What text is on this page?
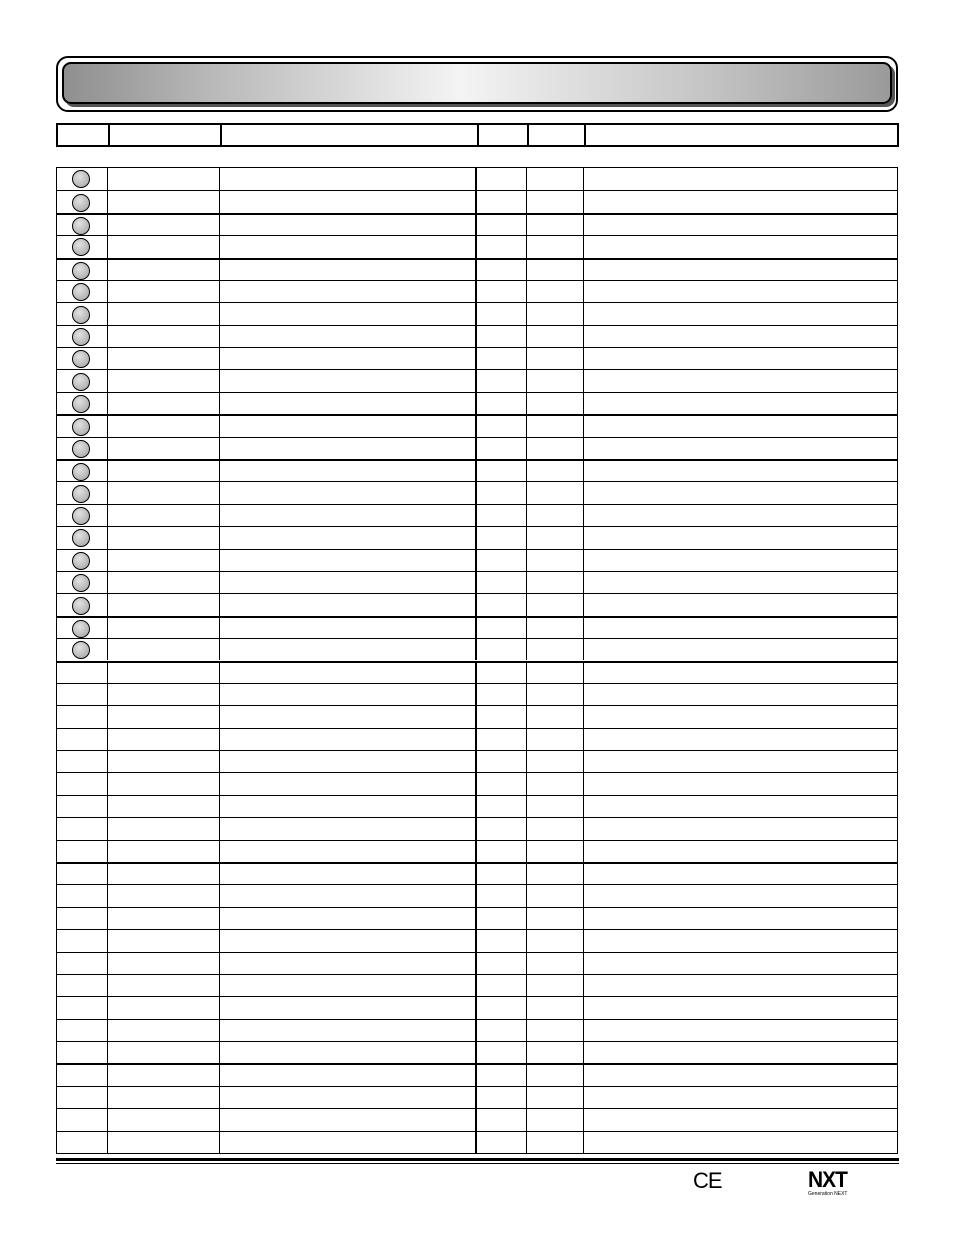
CE	NXT
Generation NEXT
